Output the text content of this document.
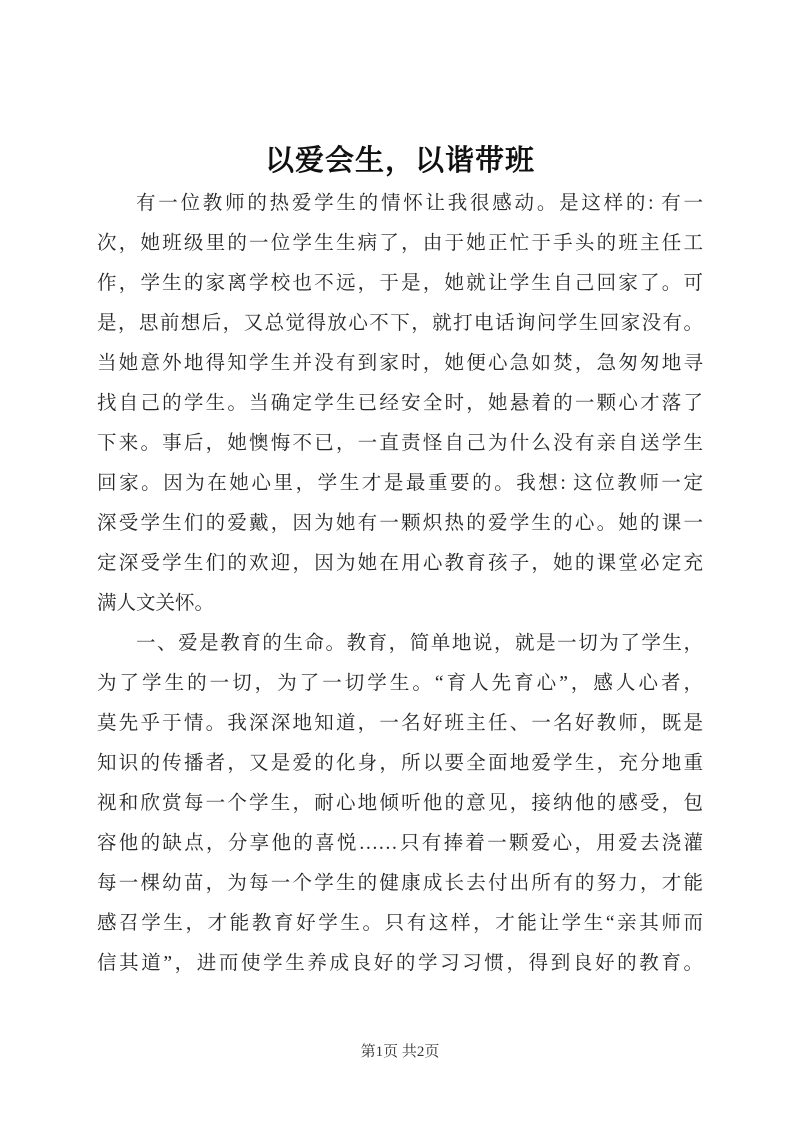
以爱会生，以谐带班
有一位教师的热爱学生的情怀让我很感动。是这样的: 有一
次，她班级里的一位学生生病了，由于她正忙于手头的班主任工
作，学生的家离学校也不远，于是，她就让学生自己回家了。可
是，思前想后，又总觉得放心不下，就打电话询问学生回家没有。
当她意外地得知学生并没有到家时，她便心急如焚，急匆匆地寻
找自己的学生。当确定学生已经安全时，她悬着的一颗心才落了
下来。事后，她懊悔不已，一直责怪自己为什么没有亲自送学生
回家。因为在她心里，学生才是最重要的。我想: 这位教师一定
深受学生们的爱戴，因为她有一颗炽热的爱学生的心。她的课一
定深受学生们的欢迎，因为她在用心教育孩子，她的课堂必定充
满人文关怀。
一、爱是教育的生命。教育，简单地说，就是一切为了学生，
为了学生的一切，为了一切学生。“育人先育心”，感人心者，
莫先乎于情。我深深地知道，一名好班主任、一名好教师，既是
知识的传播者，又是爱的化身，所以要全面地爱学生，充分地重
视和欣赏每一个学生，耐心地倾听他的意见，接纳他的感受，包
容他的缺点，分享他的喜悦……只有捧着一颗爱心，用爱去浇灌
每一棵幼苗，为每一个学生的健康成长去付出所有的努力，才能
感召学生，才能教育好学生。只有这样，才能让学生“亲其师而
信其道”，进而使学生养成良好的学习习惯，得到良好的教育。
第1页 共2页
